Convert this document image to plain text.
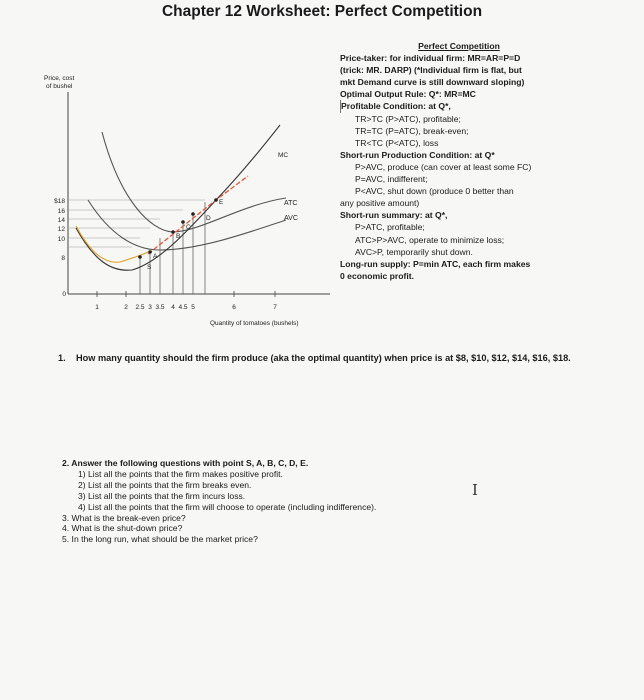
Chapter 12 Worksheet: Perfect Competition
Price, cost
of bushel
MC
ATC
AVC
S
A
B
C
D
E
$18
16
14
12
10
8
0
1	2 2.5 3 3.5 4 4.5 5	6	7
Quantity of tomatoes (bushels)
Perfect Competition
Price-taker: for individual firm: MR=AR=P=D
(trick: MR. DARP) (*Individual firm is flat, but
mkt Demand curve is still downward sloping)
Optimal Output Rule: Q*: MR=MC
Profitable Condition: at Q*,
TR>TC (P>ATC), profitable;
TR=TC (P=ATC), break-even;
TR<TC (P<ATC), loss
Short-run Production Condition: at Q*
P>AVC, produce (can cover at least some FC)
P=AVC, indifferent;
P<AVC, shut down (produce 0 better than
any positive amount)
Short-run summary: at Q*,
P>ATC, profitable;
ATC>P>AVC, operate to minimize loss;
AVC>P, temporarily shut down.
Long-run supply: P=min ATC, each firm makes
0 economic profit.
1.	How many quantity should the firm produce (aka the optimal quantity) when price is at $8, $10, $12, $14, $16, $18.
2. Answer the following questions with point S, A, B, C, D, E.
1) List all the points that the firm makes positive profit.
2) List all the points that the firm breaks even.
3) List all the points that the firm incurs loss.
4) List all the points that the firm will choose to operate (including indifference).
3. What is the break-even price?
4. What is the shut-down price?
5. In the long run, what should be the market price?
I
